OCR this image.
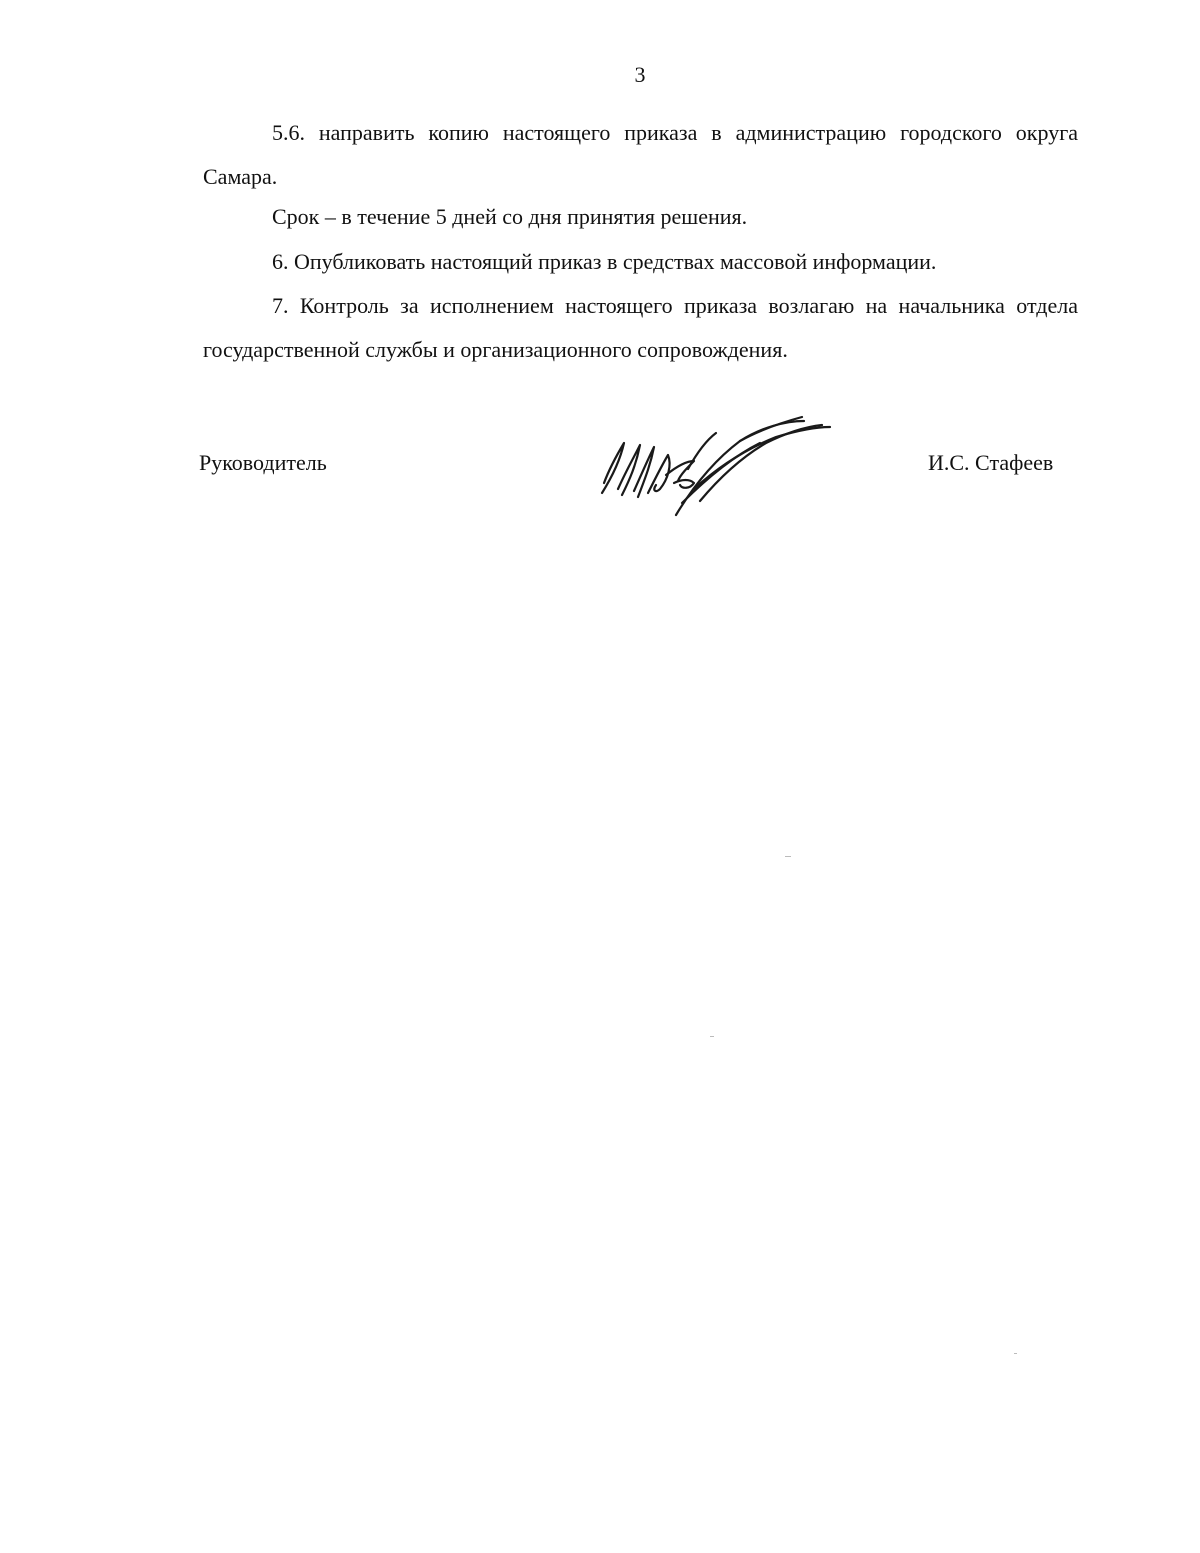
3
5.6. направить копию настоящего приказа в администрацию городского округа Самара.
Срок – в течение 5 дней со дня принятия решения.
6. Опубликовать настоящий приказ в средствах массовой информации.
7. Контроль за исполнением настоящего приказа возлагаю на начальника отдела государственной службы и организационного сопровождения.
Руководитель	И.С. Стафеев
